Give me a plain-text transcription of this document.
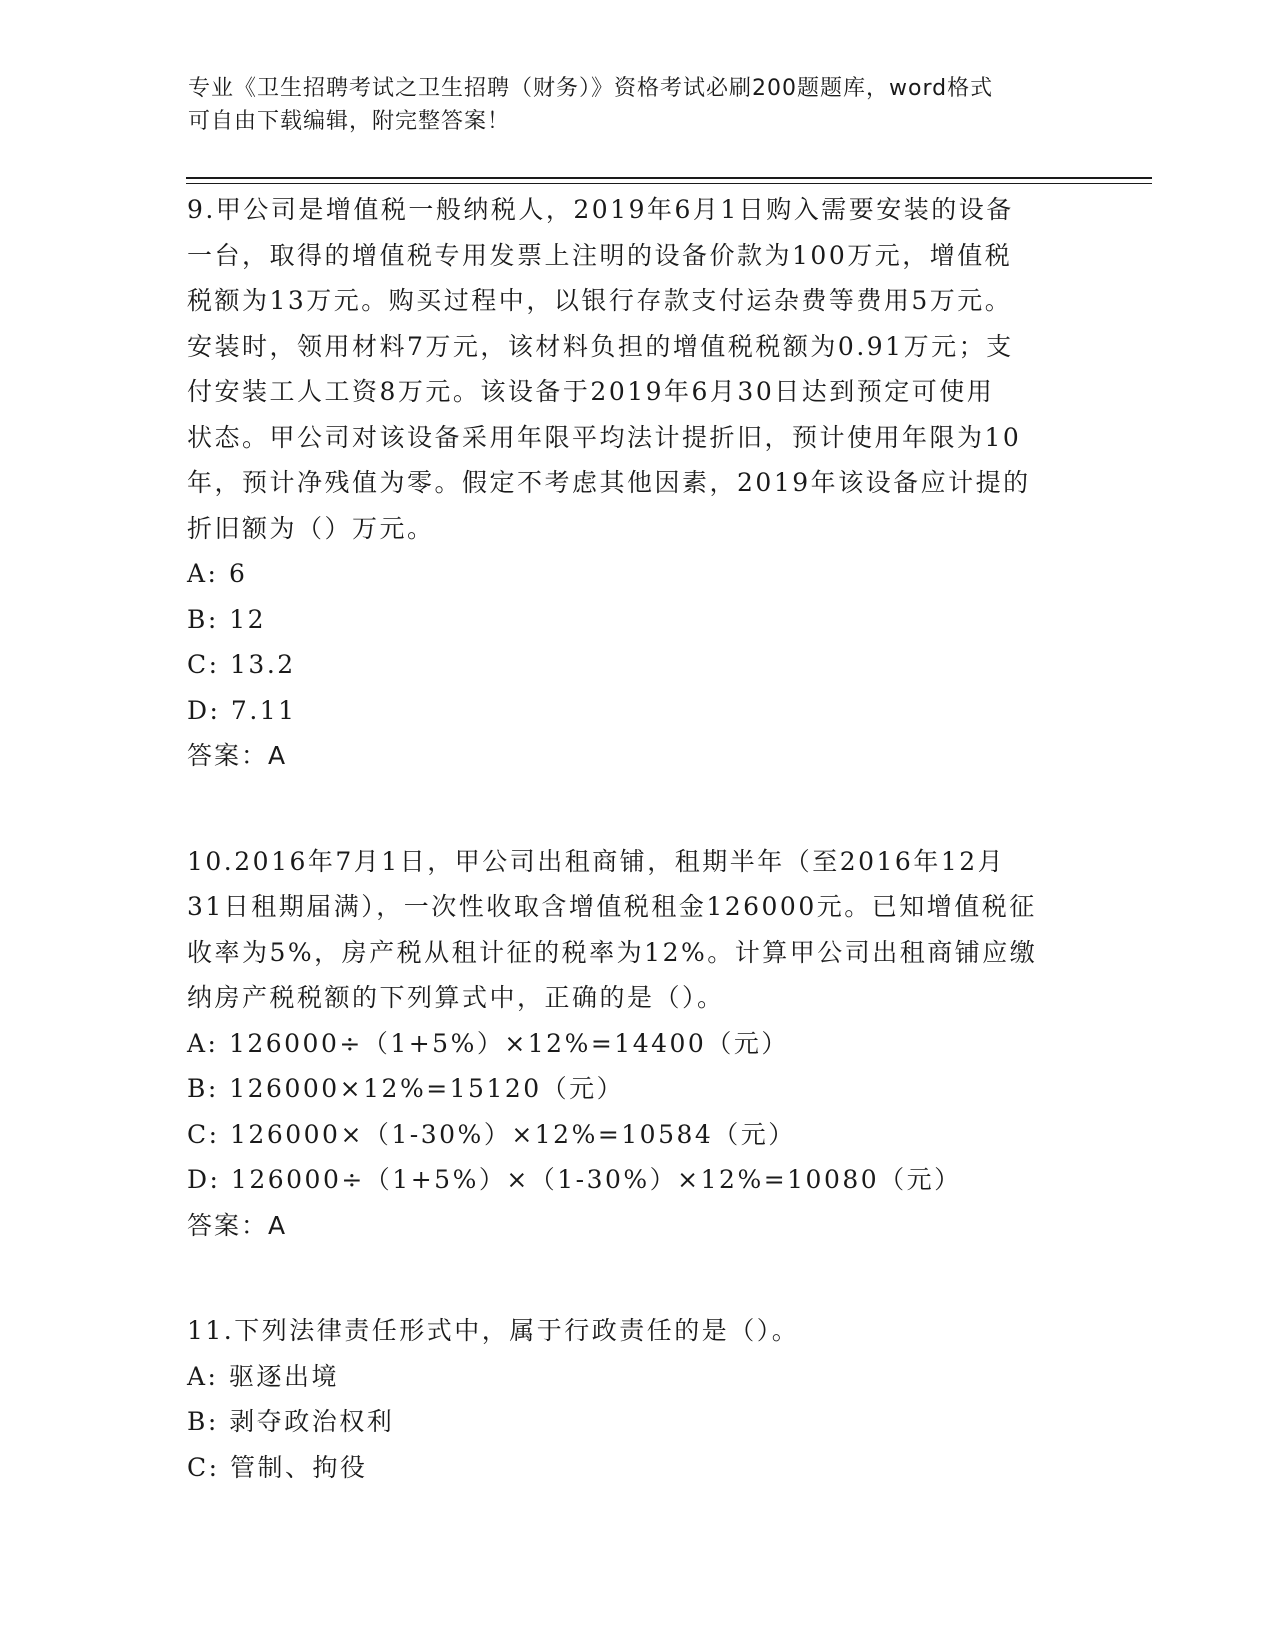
专业《卫生招聘考试之卫生招聘（财务）》资格考试必刷200题题库，word格式
可自由下载编辑，附完整答案！
9.甲公司是增值税一般纳税人，2019年6月1日购入需要安装的设备
一台，取得的增值税专用发票上注明的设备价款为100万元，增值税
税额为13万元。购买过程中，以银行存款支付运杂费等费用5万元。
安装时，领用材料7万元，该材料负担的增值税税额为0.91万元；支
付安装工人工资8万元。该设备于2019年6月30日达到预定可使用
状态。甲公司对该设备采用年限平均法计提折旧，预计使用年限为10
年，预计净残值为零。假定不考虑其他因素，2019年该设备应计提的
折旧额为（）万元。
A: 6
B: 12
C: 13.2
D: 7.11
答案：A
10.2016年7月1日，甲公司出租商铺，租期半年（至2016年12月
31日租期届满），一次性收取含增值税租金126000元。已知增值税征
收率为5%，房产税从租计征的税率为12%。计算甲公司出租商铺应缴
纳房产税税额的下列算式中，正确的是（）。
A: 126000÷（1+5%）×12%=14400（元）
B: 126000×12%=15120（元）
C: 126000×（1-30%）×12%=10584（元）
D: 126000÷（1+5%）×（1-30%）×12%=10080（元）
答案：A
11.下列法律责任形式中，属于行政责任的是（）。
A: 驱逐出境
B: 剥夺政治权利
C: 管制、拘役
